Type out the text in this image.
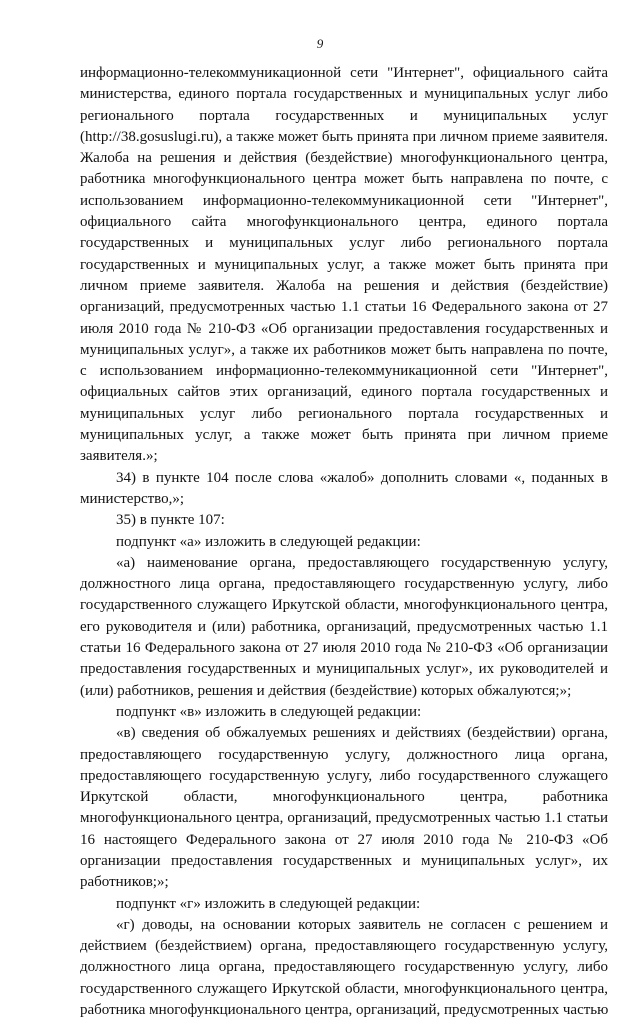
9
информационно-телекоммуникационной сети "Интернет", официального сайта
министерства, единого портала государственных и муниципальных услуг либо
регионального портала государственных и муниципальных услуг
(http://38.gosuslugi.ru), а также может быть принята при личном приеме заявителя.
Жалоба на решения и действия (бездействие) многофункционального центра,
работника многофункционального центра может быть направлена по почте, с
использованием информационно-телекоммуникационной сети "Интернет",
официального сайта многофункционального центра, единого портала
государственных и муниципальных услуг либо регионального портала
государственных и муниципальных услуг, а также может быть принята при
личном приеме заявителя. Жалоба на решения и действия (бездействие)
организаций, предусмотренных частью 1.1 статьи 16 Федерального закона от 27
июля 2010 года № 210-ФЗ «Об организации предоставления государственных и
муниципальных услуг», а также их работников может быть направлена по почте,
с использованием информационно-телекоммуникационной сети "Интернет",
официальных сайтов этих организаций, единого портала государственных и
муниципальных услуг либо регионального портала государственных и
муниципальных услуг, а также может быть принята при личном приеме
заявителя.»;
34) в пункте 104 после слова «жалоб» дополнить словами «, поданных в
министерство,»;
35) в пункте 107:
подпункт «а» изложить в следующей редакции:
«а) наименование органа, предоставляющего государственную услугу,
должностного лица органа, предоставляющего государственную услугу, либо
государственного служащего Иркутской области, многофункционального центра,
его руководителя и (или) работника, организаций, предусмотренных частью 1.1
статьи 16 Федерального закона от 27 июля 2010 года № 210-ФЗ «Об организации
предоставления государственных и муниципальных услуг», их руководителей и
(или) работников, решения и действия (бездействие) которых обжалуются;»;
подпункт «в» изложить в следующей редакции:
«в) сведения об обжалуемых решениях и действиях (бездействии) органа,
предоставляющего государственную услугу, должностного лица органа,
предоставляющего государственную услугу, либо государственного служащего
Иркутской области, многофункционального центра, работника
многофункционального центра, организаций, предусмотренных частью 1.1 статьи
16 настоящего Федерального закона от 27 июля 2010 года № 210-ФЗ «Об
организации предоставления государственных и муниципальных услуг», их
работников;»;
подпункт «г» изложить в следующей редакции:
«г) доводы, на основании которых заявитель не согласен с решением и
действием (бездействием) органа, предоставляющего государственную услугу,
должностного лица органа, предоставляющего государственную услугу, либо
государственного служащего Иркутской области, многофункционального центра,
работника многофункционального центра, организаций, предусмотренных частью
